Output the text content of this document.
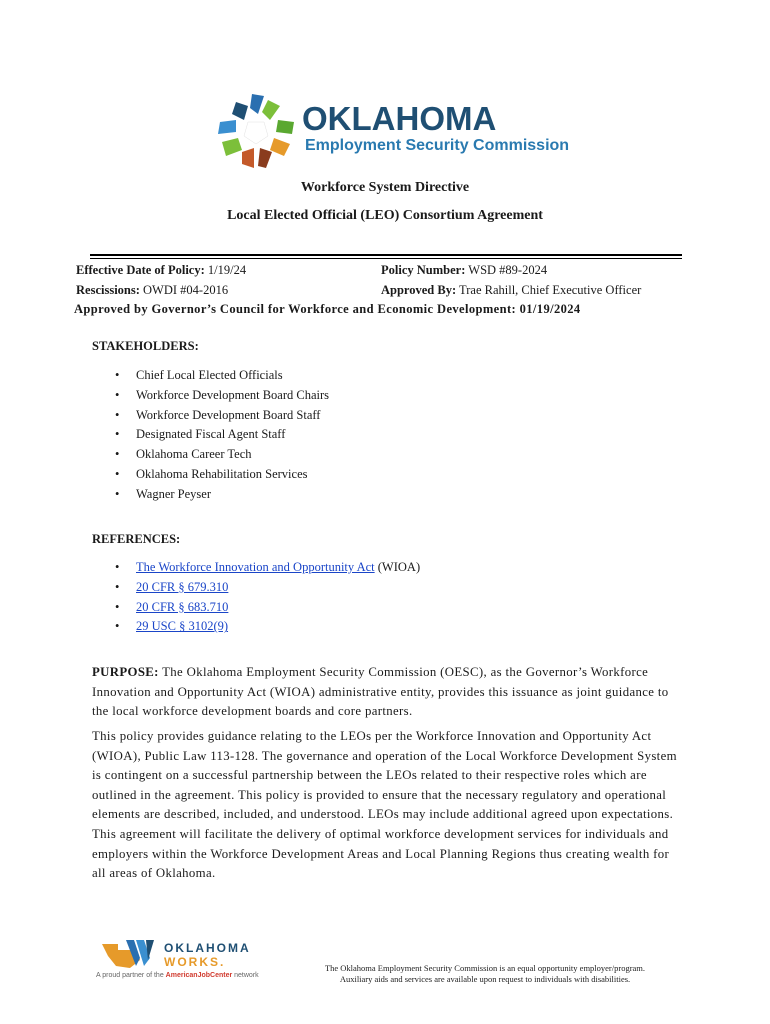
OKLAHOMA
Employment Security Commission
Workforce System Directive
Local Elected Official (LEO) Consortium Agreement
Effective Date of Policy: 1/19/24	Policy Number: WSD #89-2024
Rescissions: OWDI #04-2016	Approved By: Trae Rahill, Chief Executive Officer
Approved by Governor’s Council for Workforce and Economic Development: 01/19/2024
STAKEHOLDERS:
• Chief Local Elected Officials
• Workforce Development Board Chairs
• Workforce Development Board Staff
• Designated Fiscal Agent Staff
• Oklahoma Career Tech
• Oklahoma Rehabilitation Services
• Wagner Peyser
REFERENCES:
• The Workforce Innovation and Opportunity Act (WIOA)
• 20 CFR § 679.310
• 20 CFR § 683.710
• 29 USC § 3102(9)
PURPOSE: The Oklahoma Employment Security Commission (OESC), as the Governor’s Workforce Innovation and Opportunity Act (WIOA) administrative entity, provides this issuance as joint guidance to the local workforce development boards and core partners.
This policy provides guidance relating to the LEOs per the Workforce Innovation and Opportunity Act (WIOA), Public Law 113-128. The governance and operation of the Local Workforce Development System is contingent on a successful partnership between the LEOs related to their respective roles which are outlined in the agreement. This policy is provided to ensure that the necessary regulatory and operational elements are described, included, and understood. LEOs may include additional agreed upon expectations. This agreement will facilitate the delivery of optimal workforce development services for individuals and employers within the Workforce Development Areas and Local Planning Regions thus creating wealth for all areas of Oklahoma.
OKLAHOMA
WORKS.
A proud partner of the AmericanJobCenter network
The Oklahoma Employment Security Commission is an equal opportunity employer/program.
Auxiliary aids and services are available upon request to individuals with disabilities.
